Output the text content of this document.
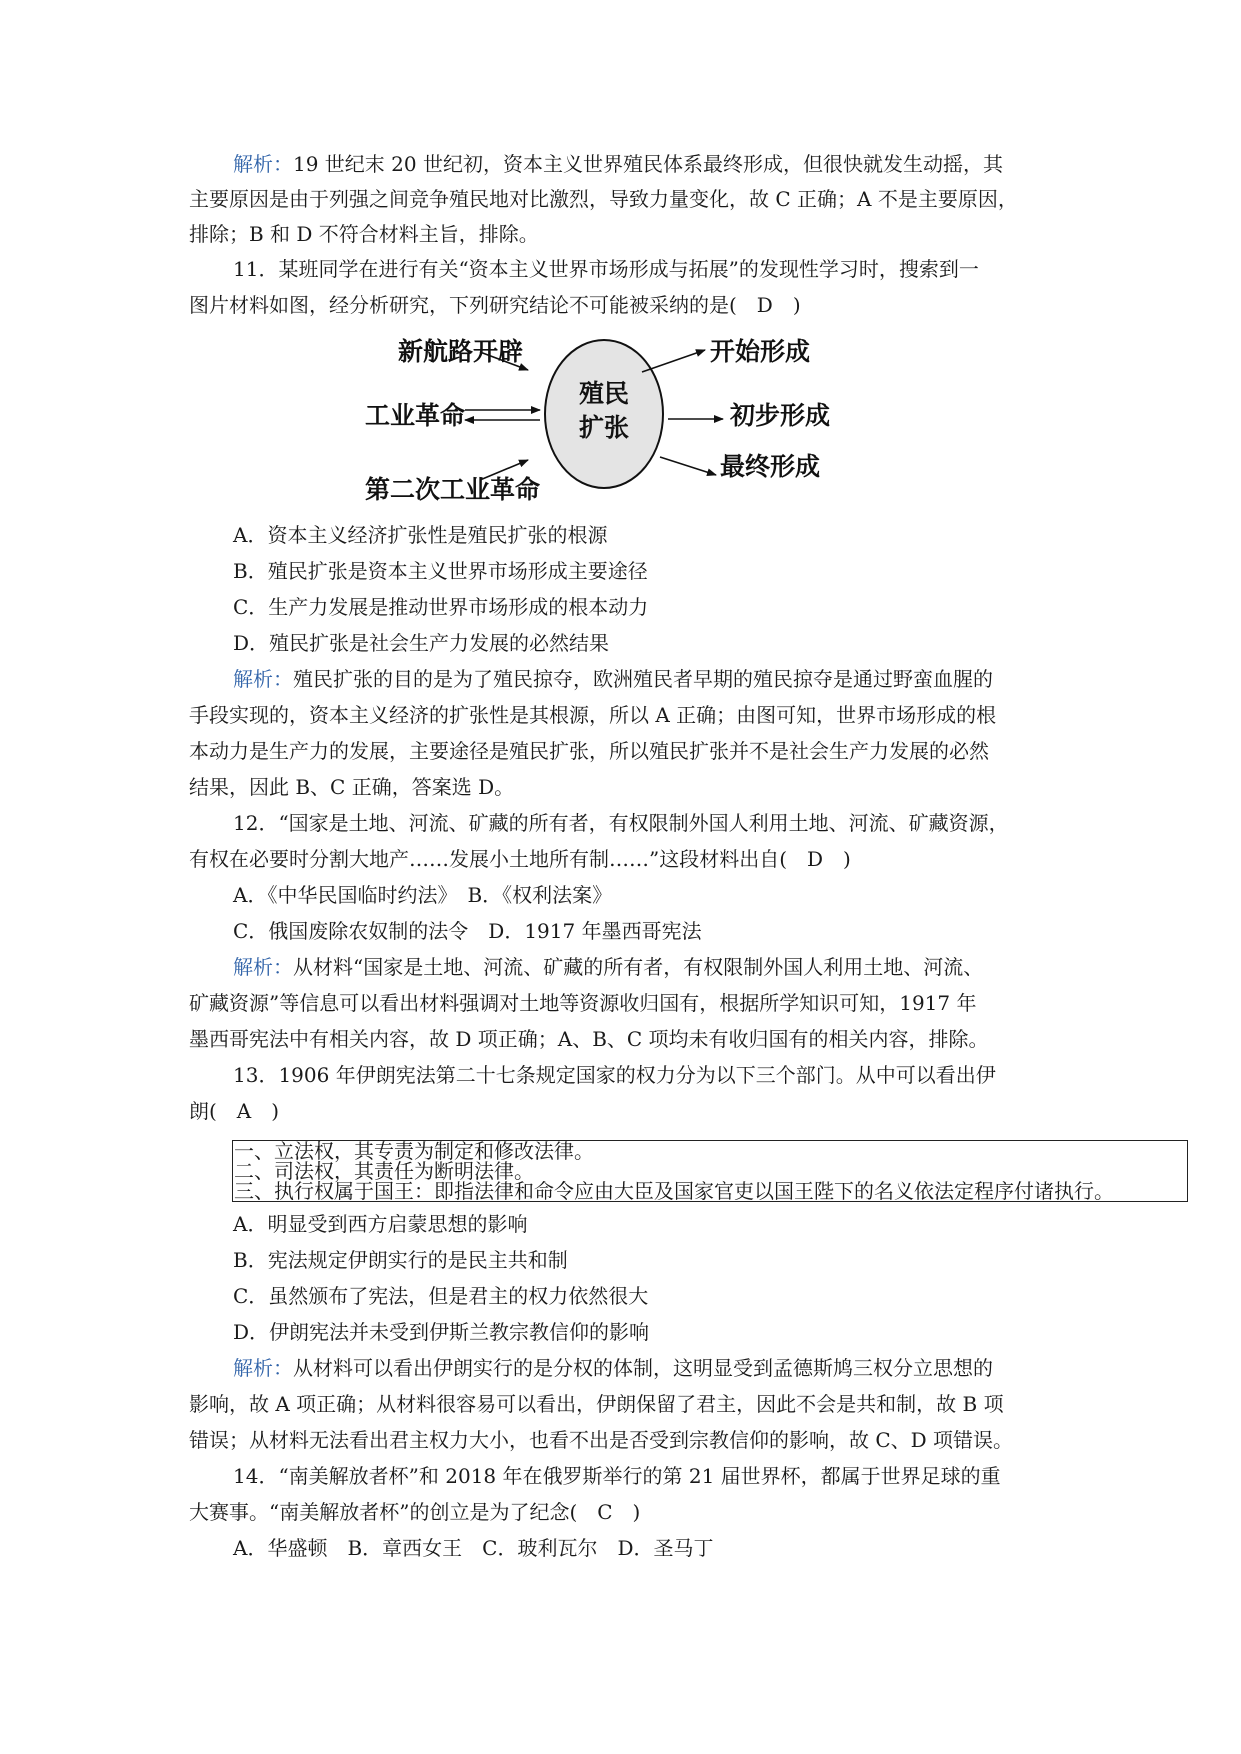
解析：19 世纪末 20 世纪初，资本主义世界殖民体系最终形成，但很快就发生动摇，其
主要原因是由于列强之间竞争殖民地对比激烈，导致力量变化，故 C 正确；A 不是主要原因，
排除；B 和 D 不符合材料主旨，排除。
11．某班同学在进行有关“资本主义世界市场形成与拓展”的发现性学习时，搜索到一
图片材料如图，经分析研究，下列研究结论不可能被采纳的是(　D　)
新航路开辟
工业革命
第二次工业革命
殖民
扩张
开始形成
初步形成
最终形成
A．资本主义经济扩张性是殖民扩张的根源
B．殖民扩张是资本主义世界市场形成主要途径
C．生产力发展是推动世界市场形成的根本动力
D．殖民扩张是社会生产力发展的必然结果
解析：殖民扩张的目的是为了殖民掠夺，欧洲殖民者早期的殖民掠夺是通过野蛮血腥的
手段实现的，资本主义经济的扩张性是其根源，所以 A 正确；由图可知，世界市场形成的根
本动力是生产力的发展，主要途径是殖民扩张，所以殖民扩张并不是社会生产力发展的必然
结果，因此 B、C 正确，答案选 D。
12．“国家是土地、河流、矿藏的所有者，有权限制外国人利用土地、河流、矿藏资源，
有权在必要时分割大地产……发展小土地所有制……”这段材料出自(　D　)
A．《中华民国临时约法》　B．《权利法案》
C．俄国废除农奴制的法令　D．1917 年墨西哥宪法
解析：从材料“国家是土地、河流、矿藏的所有者，有权限制外国人利用土地、河流、
矿藏资源”等信息可以看出材料强调对土地等资源收归国有，根据所学知识可知，1917 年
墨西哥宪法中有相关内容，故 D 项正确；A、B、C 项均未有收归国有的相关内容，排除。
13．1906 年伊朗宪法第二十七条规定国家的权力分为以下三个部门。从中可以看出伊
朗(　A　)
一、立法权，其专责为制定和修改法律。
二、司法权，其责任为断明法律。
三、执行权属于国王：即指法律和命令应由大臣及国家官吏以国王陛下的名义依法定程序付诸执行。
A．明显受到西方启蒙思想的影响
B．宪法规定伊朗实行的是民主共和制
C．虽然颁布了宪法，但是君主的权力依然很大
D．伊朗宪法并未受到伊斯兰教宗教信仰的影响
解析：从材料可以看出伊朗实行的是分权的体制，这明显受到孟德斯鸠三权分立思想的
影响，故 A 项正确；从材料很容易可以看出，伊朗保留了君主，因此不会是共和制，故 B 项
错误；从材料无法看出君主权力大小，也看不出是否受到宗教信仰的影响，故 C、D 项错误。
14．“南美解放者杯”和 2018 年在俄罗斯举行的第 21 届世界杯，都属于世界足球的重
大赛事。“南美解放者杯”的创立是为了纪念(　C　)
A．华盛顿　B．章西女王　C．玻利瓦尔　D．圣马丁
